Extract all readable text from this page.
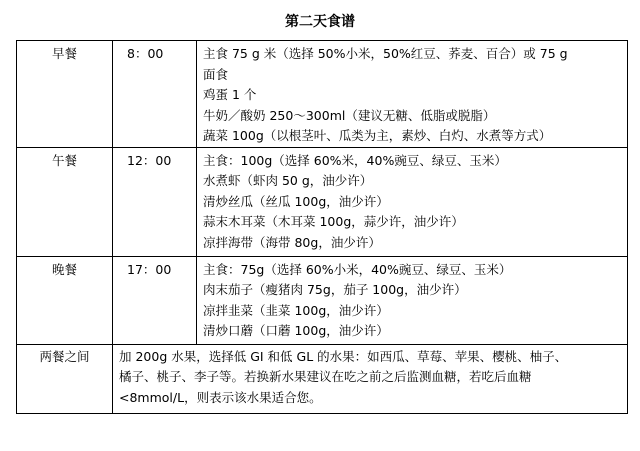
第二天食谱
早餐	8：00	主食 75 g 米（选择 50%小米，50%红豆、荞麦、百合）或 75 g
面食
鸡蛋 1 个
牛奶／酸奶 250～300ml（建议无糖、低脂或脱脂）
蔬菜 100g（以根茎叶、瓜类为主，素炒、白灼、水煮等方式）

午餐	12：00	主食：100g（选择 60%米，40%豌豆、绿豆、玉米）
水煮虾（虾肉 50 g，油少许）
清炒丝瓜（丝瓜 100g，油少许）
蒜末木耳菜（木耳菜 100g，蒜少许，油少许）
凉拌海带（海带 80g，油少许）

晚餐	17：00	主食：75g（选择 60%小米，40%豌豆、绿豆、玉米）
肉末茄子（瘦猪肉 75g，茄子 100g，油少许）
凉拌韭菜（韭菜 100g，油少许）
清炒口蘑（口蘑 100g，油少许）

两餐之间	加 200g 水果，选择低 GI 和低 GL 的水果：如西瓜、草莓、苹果、樱桃、柚子、
橘子、桃子、李子等。若换新水果建议在吃之前之后监测血糖，若吃后血糖
<8mmol/L，则表示该水果适合您。	
